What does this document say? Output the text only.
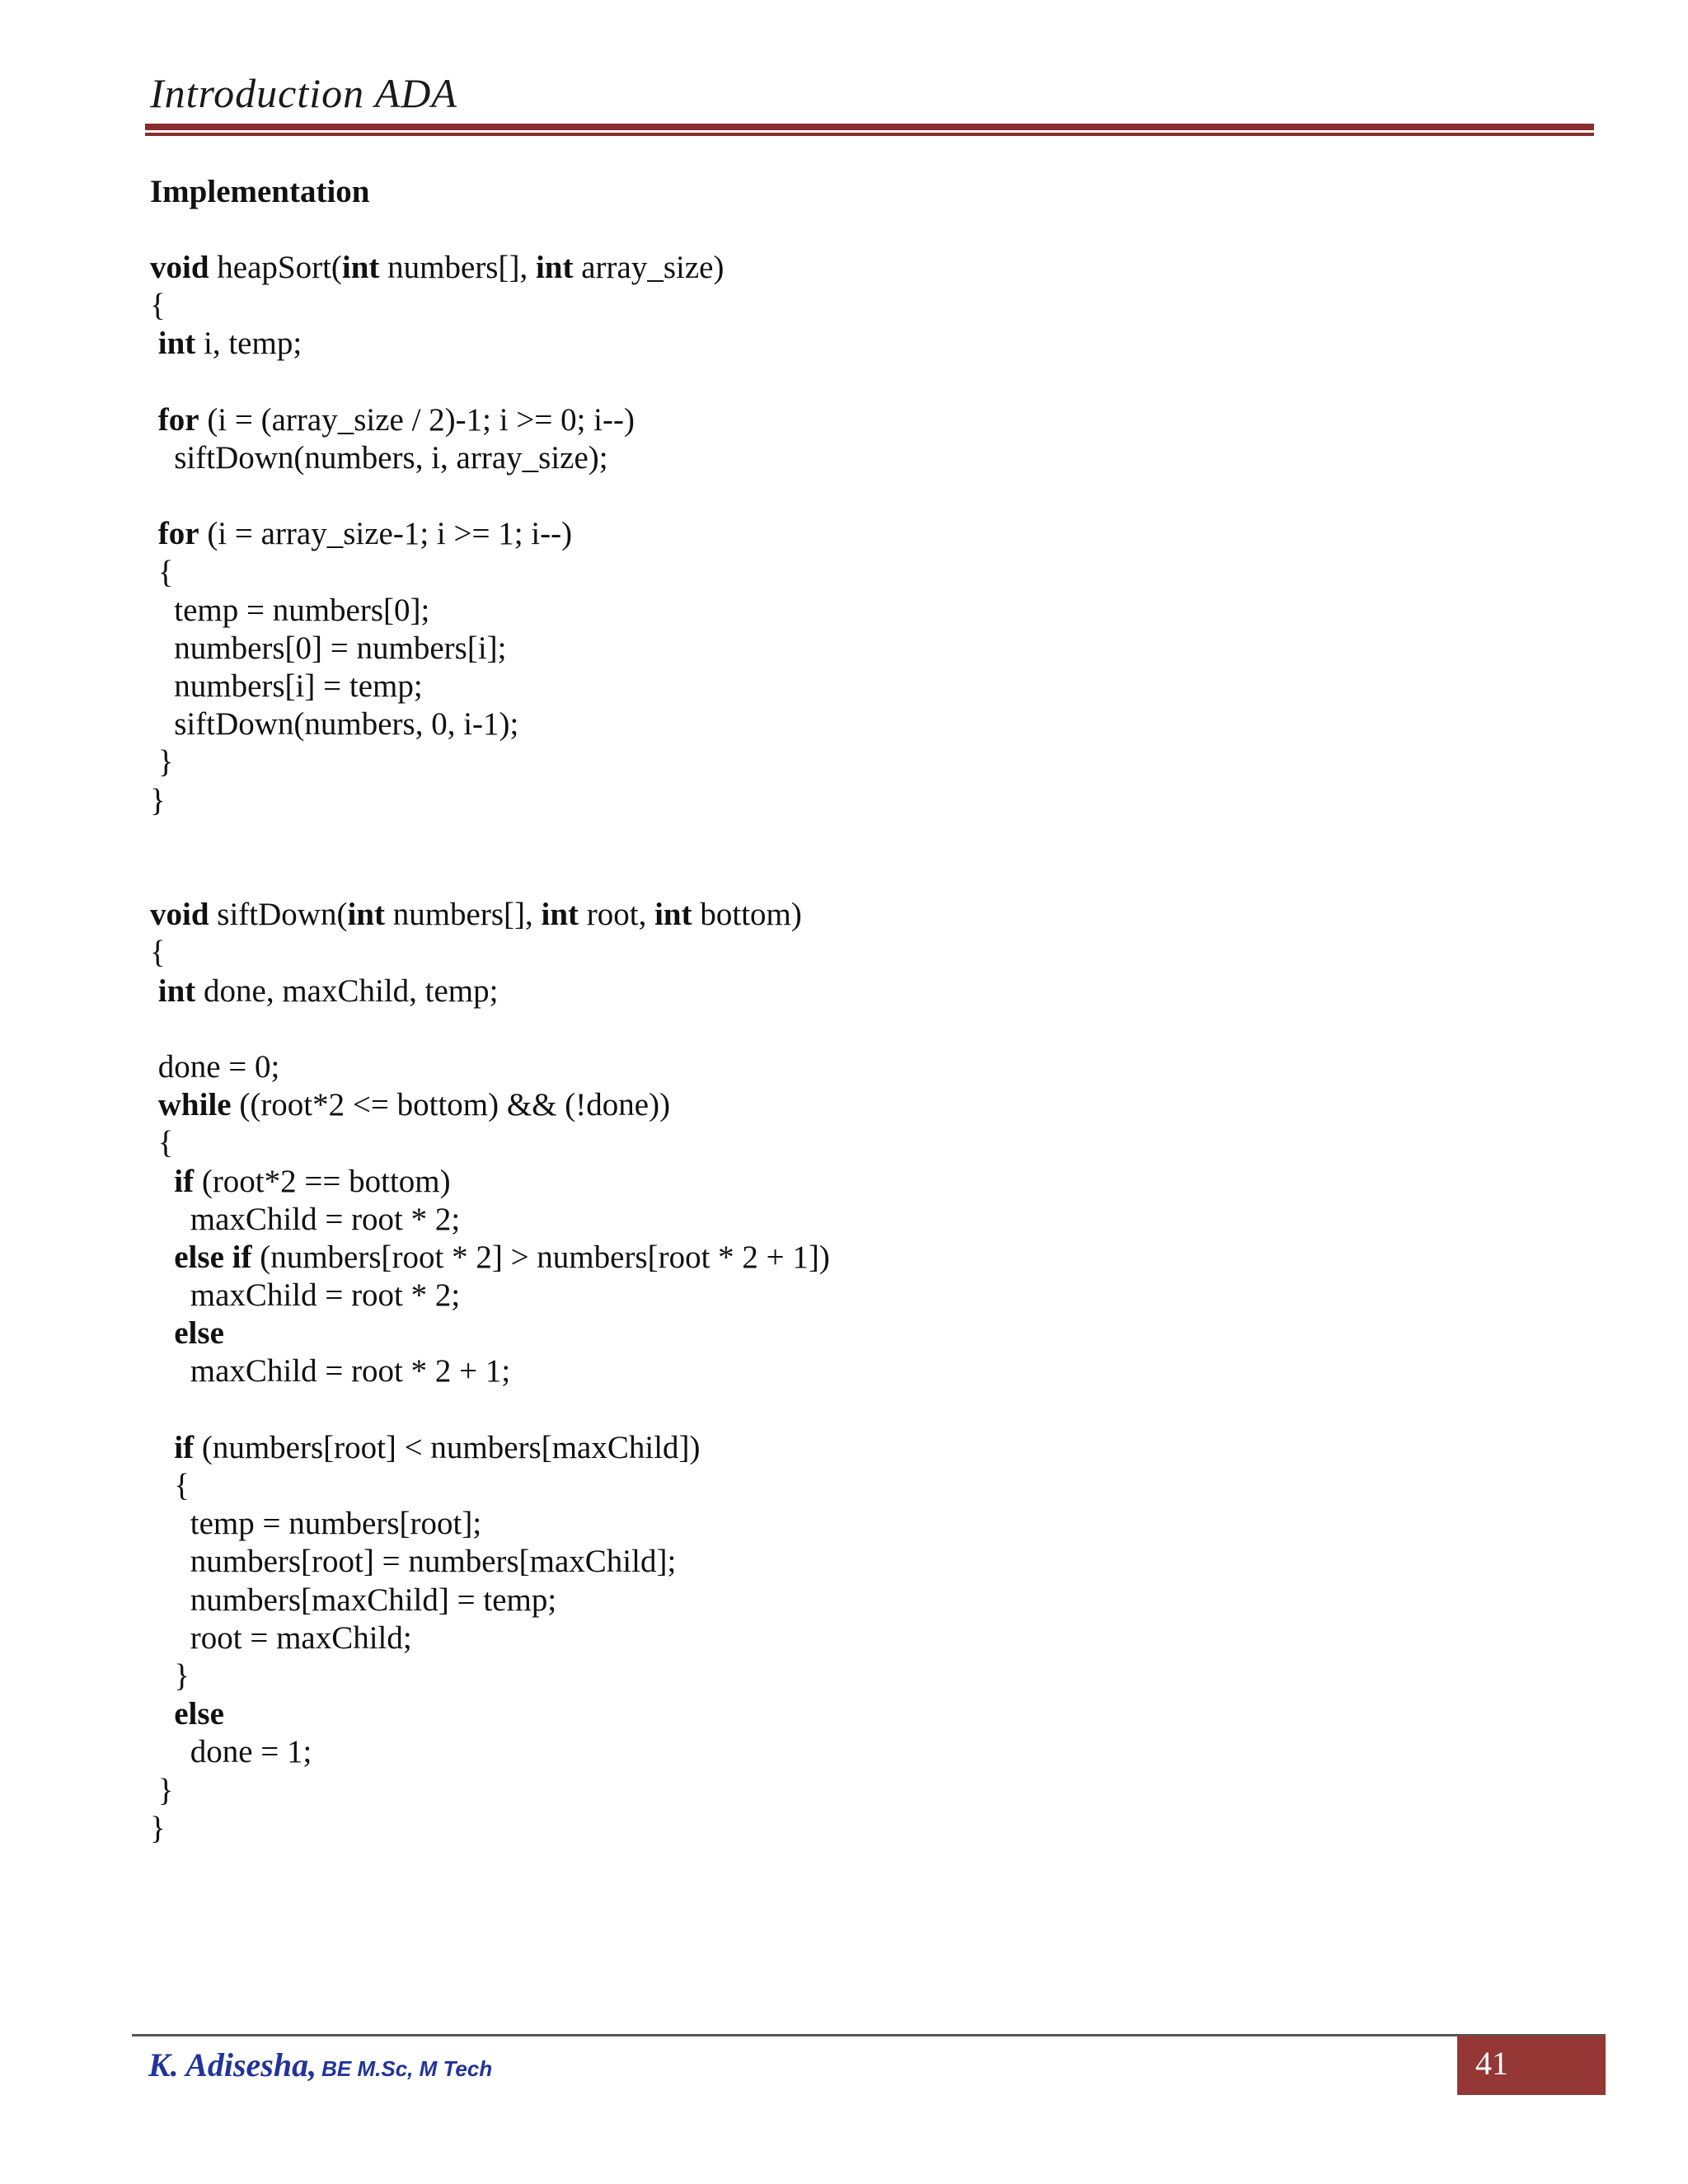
Introduction ADA
Implementation
void heapSort(int numbers[], int array_size)
{
int i, temp;
for (i = (array_size / 2)-1; i >= 0; i--)
siftDown(numbers, i, array_size);
for (i = array_size-1; i >= 1; i--)
{
temp = numbers[0];
numbers[0] = numbers[i];
numbers[i] = temp;
siftDown(numbers, 0, i-1);
}
}
void siftDown(int numbers[], int root, int bottom)
{
int done, maxChild, temp;
done = 0;
while ((root*2 <= bottom) && (!done))
{
if (root*2 == bottom)
maxChild = root * 2;
else if (numbers[root * 2] > numbers[root * 2 + 1])
maxChild = root * 2;
else
maxChild = root * 2 + 1;
if (numbers[root] < numbers[maxChild])
{
temp = numbers[root];
numbers[root] = numbers[maxChild];
numbers[maxChild] = temp;
root = maxChild;
}
else
done = 1;
}
}
K. Adisesha, BE M.Sc, M Tech	41
